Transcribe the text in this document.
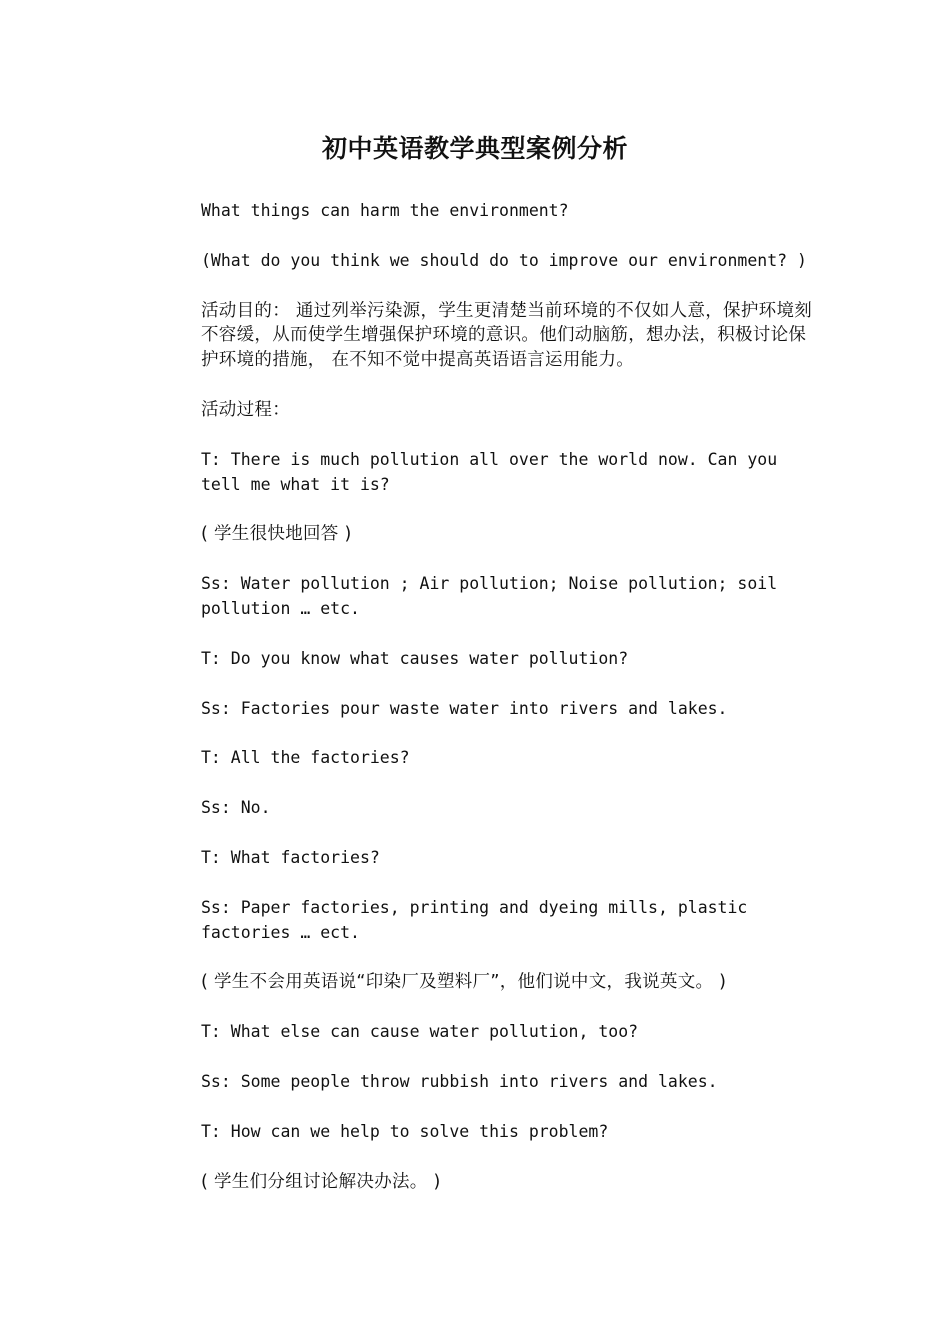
初中英语教学典型案例分析

What things can harm the environment?

(What do you think we should do to improve our environment? )

活动目的： 通过列举污染源，学生更清楚当前环境的不仅如人意，保护环境刻不容缓，从而使学生增强保护环境的意识。他们动脑筋，想办法，积极讨论保护环境的措施， 在不知不觉中提高英语语言运用能力。

活动过程：

T: There is much pollution all over the world now. Can you tell me what it is?

( 学生很快地回答 )

Ss: Water pollution ; Air pollution; Noise pollution; soil pollution … etc.

T: Do you know what causes water pollution?

Ss: Factories pour waste water into rivers and lakes.

T: All the factories?

Ss: No.

T: What factories?

Ss: Paper factories, printing and dyeing mills, plastic factories … ect.

( 学生不会用英语说“印染厂及塑料厂”，他们说中文，我说英文。 )

T: What else can cause water pollution, too?

Ss: Some people throw rubbish into rivers and lakes.

T: How can we help to solve this problem?

( 学生们分组讨论解决办法。 )
